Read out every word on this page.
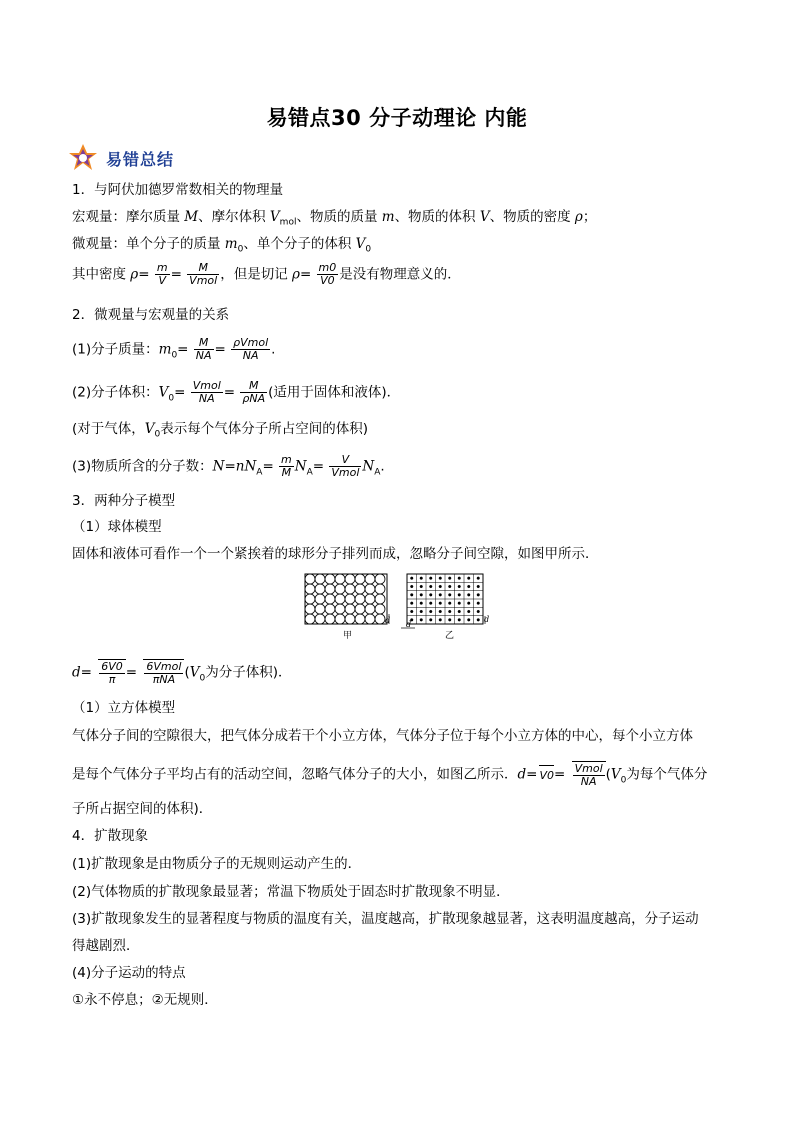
易错点30 分子动理论 内能
易错总结
1．与阿伏加德罗常数相关的物理量
宏观量：摩尔质量 M、摩尔体积 $V_{mol}$、物质的质量 m、物质的体积 V、物质的密度 ρ；
微观量：单个分子的质量 $m_0$、单个分子的体积 $V_0$
其中密度 $\rho= \frac{m}{V} = \frac{M}{\text{Vmol}}$ ，但是切记 $\rho= \frac{m0}{V0}$ 是没有物理意义的．
2．微观量与宏观量的关系
(1)分子质量：$m_0= \frac{M}{NA} = \frac{\text{ρVmol}}{NA}$ .
(2)分子体积：$V_0= \frac{\text{Vmol}}{NA} = \frac{M}{\text{ρNA}}$ (适用于固体和液体)．
(对于气体，$V_0$表示每个气体分子所占空间的体积)
(3)物质所含的分子数：$N=nN_A= \frac{m}{M} N_A= \frac{V}{\text{Vmol}} N_A$.
3．两种分子模型
（1）球体模型
固体和液体可看作一个一个紧挨着的球形分子排列而成，忽略分子间空隙，如图甲所示．
d
甲
d
d
乙
$d= \frac{6V0}{\pi} = \frac{\text{6Vmol}}{\text{πNA}} (V_0$为分子体积)．
（1）立方体模型
气体分子间的空隙很大，把气体分成若干个小立方体，气体分子位于每个小立方体的中心，每个小立方体
是每个气体分子平均占有的活动空间，忽略气体分子的大小，如图乙所示．$d= V0= \frac{\text{Vmol}}{NA} (V_0$为每个气体分
子所占据空间的体积)．
4．扩散现象
(1)扩散现象是由物质分子的无规则运动产生的．
(2)气体物质的扩散现象最显著；常温下物质处于固态时扩散现象不明显．
(3)扩散现象发生的显著程度与物质的温度有关，温度越高，扩散现象越显著，这表明温度越高，分子运动
得越剧烈．
(4)分子运动的特点
①永不停息；②无规则．
